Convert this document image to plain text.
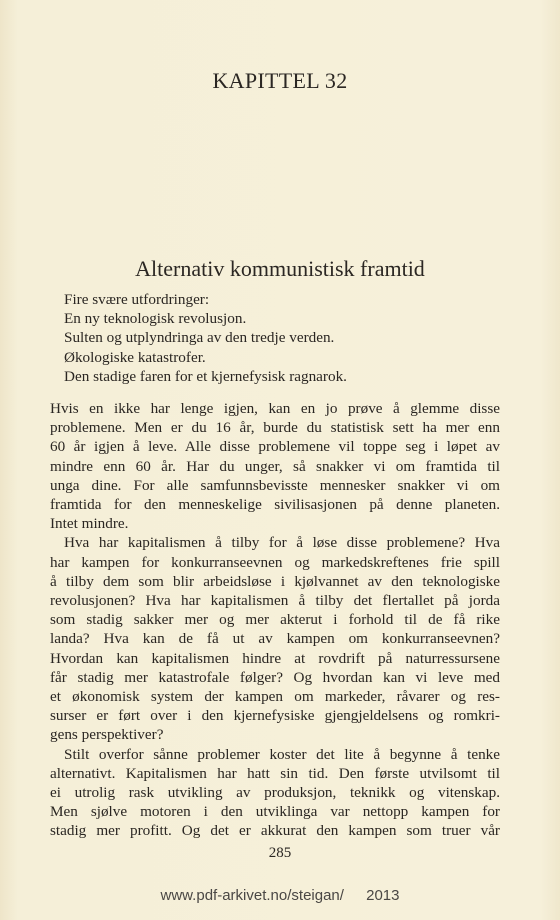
KAPITTEL 32
Alternativ kommunistisk framtid

Fire svære utfordringer:

En ny teknologisk revolusjon.

Sulten og utplyndringa av den tredje verden.

Økologiske katastrofer.

Den stadige faren for et kjernefysisk ragnarok.

Hvis en ikke har lenge igjen, kan en jo prøve å glemme disse

problemene. Men er du 16 år, burde du statistisk sett ha mer enn

60 år igjen å leve. Alle disse problemene vil toppe seg i løpet av

mindre enn 60 år. Har du unger, så snakker vi om framtida til

unga dine. For alle samfunnsbevisste mennesker snakker vi om

framtida for den menneskelige sivilisasjonen på denne planeten.

Intet mindre.

Hva har kapitalismen å tilby for å løse disse problemene? Hva

har kampen for konkurranseevnen og markedskreftenes frie spill

å tilby dem som blir arbeidsløse i kjølvannet av den teknologiske

revolusjonen? Hva har kapitalismen å tilby det flertallet på jorda

som stadig sakker mer og mer akterut i forhold til de få rike

landa? Hva kan de få ut av kampen om konkurranseevnen?

Hvordan kan kapitalismen hindre at rovdrift på naturressursene

får stadig mer katastrofale følger? Og hvordan kan vi leve med

et økonomisk system der kampen om markeder, råvarer og res-

surser er ført over i den kjernefysiske gjengjeldelsens og romkri-

gens perspektiver?

Stilt overfor sånne problemer koster det lite å begynne å tenke

alternativt. Kapitalismen har hatt sin tid. Den første utvilsomt til

ei utrolig rask utvikling av produksjon, teknikk og vitenskap.

Men sjølve motoren i den utviklinga var nettopp kampen for

stadig mer profitt. Og det er akkurat den kampen som truer vår

285
www.pdf-arkivet.no/steigan/ 2013
